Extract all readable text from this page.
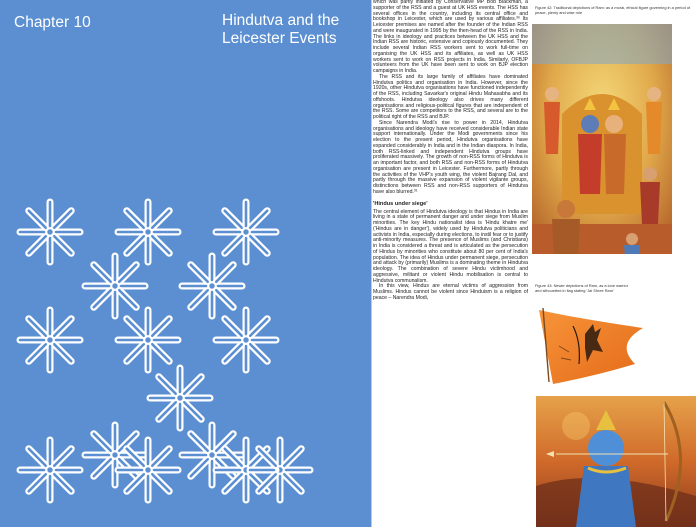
Chapter 10	Hindutva and the Leicester Events

which was partly initiated by Conservative MP Bob Blackman, a supporter of the RSS and a guest at UK HSS events. The HSS has several offices in the country, including its central office and bookshop in Leicester, which are used by various affiliates.³⁰ Its Leicester premises are named after the founder of the Indian RSS and were inaugurated in 1995 by the then-head of the RSS in India. The links in ideology and practices between the UK HSS and the Indian RSS are historic, extensive and copiously documented. They include several Indian RSS workers sent to work full-time on organising the UK HSS and its affiliates, as well as UK HSS workers sent to work on RSS projects in India. Similarly, OFBJP volunteers from the UK have been sent to work on BJP election campaigns in India.

The RSS and its large family of affiliates have dominated Hindutva politics and organisation in India. However, since the 1920s, other Hindutva organisations have functioned independently of the RSS, including Savarkar's original Hindu Mahasabha and its offshoots. Hindutva ideology also drives many different organisations and religious-political figures that are independent of the RSS. Some are competitors to the RSS, and several are to the political right of the RSS and BJP.

Since Narendra Modi's rise to power in 2014, Hindutva organisations and ideology have received considerable Indian state support internationally. Under the Modi governments since his election to the present period, Hindutva organisations have expanded considerably in India and in the Indian diaspora. In India, both RSS-linked and independent Hindutva groups have proliferated massively. The growth of non-RSS forms of Hindutva is an important factor, and both RSS and non-RSS forms of Hindutva organisation are present in Leicester. Furthermore, partly through the activities of the VHP's youth wing, the violent Bajrang Dal, and partly through the massive expansion of violent vigilante groups, distinctions between RSS and non-RSS supporters of Hindutva have also blurred.³¹

'Hindus under siege'

The central element of Hindutva ideology is that Hindus in India are living in a state of permanent danger and under siege from Muslim minorities. The key Hindu nationalist idea is 'Hindu khatre me' ('Hindus are in danger'), widely used by Hindutva politicians and activists in India, especially during elections, to instil fear or to justify anti-minority measures. The presence of Muslims (and Christians) in India is considered a threat and is articulated as the persecution of Hindus by minorities who constitute about 80 per cent of India's population. The idea of Hindus under permanent siege, persecution and attack by (primarily) Muslims is a dominating theme in Hindutva ideology. The combination of severe Hindu victimhood and aggressive, militant or violent Hindu mobilisation is central to Hindutva communalism.

In this view, Hindus are eternal victims of aggression from Muslims. Hindus cannot be violent since Hinduism is a religion of peace – Narendra Modi,

Figure 42: Traditional depictions of Ram: as a moral, ethical figure governing in a period of peace, plenty and wise rule
Figure 43: Newer depictions of Ram, as a lone warrior and silhouetted in flag stating 'Jai Shree Ram'
